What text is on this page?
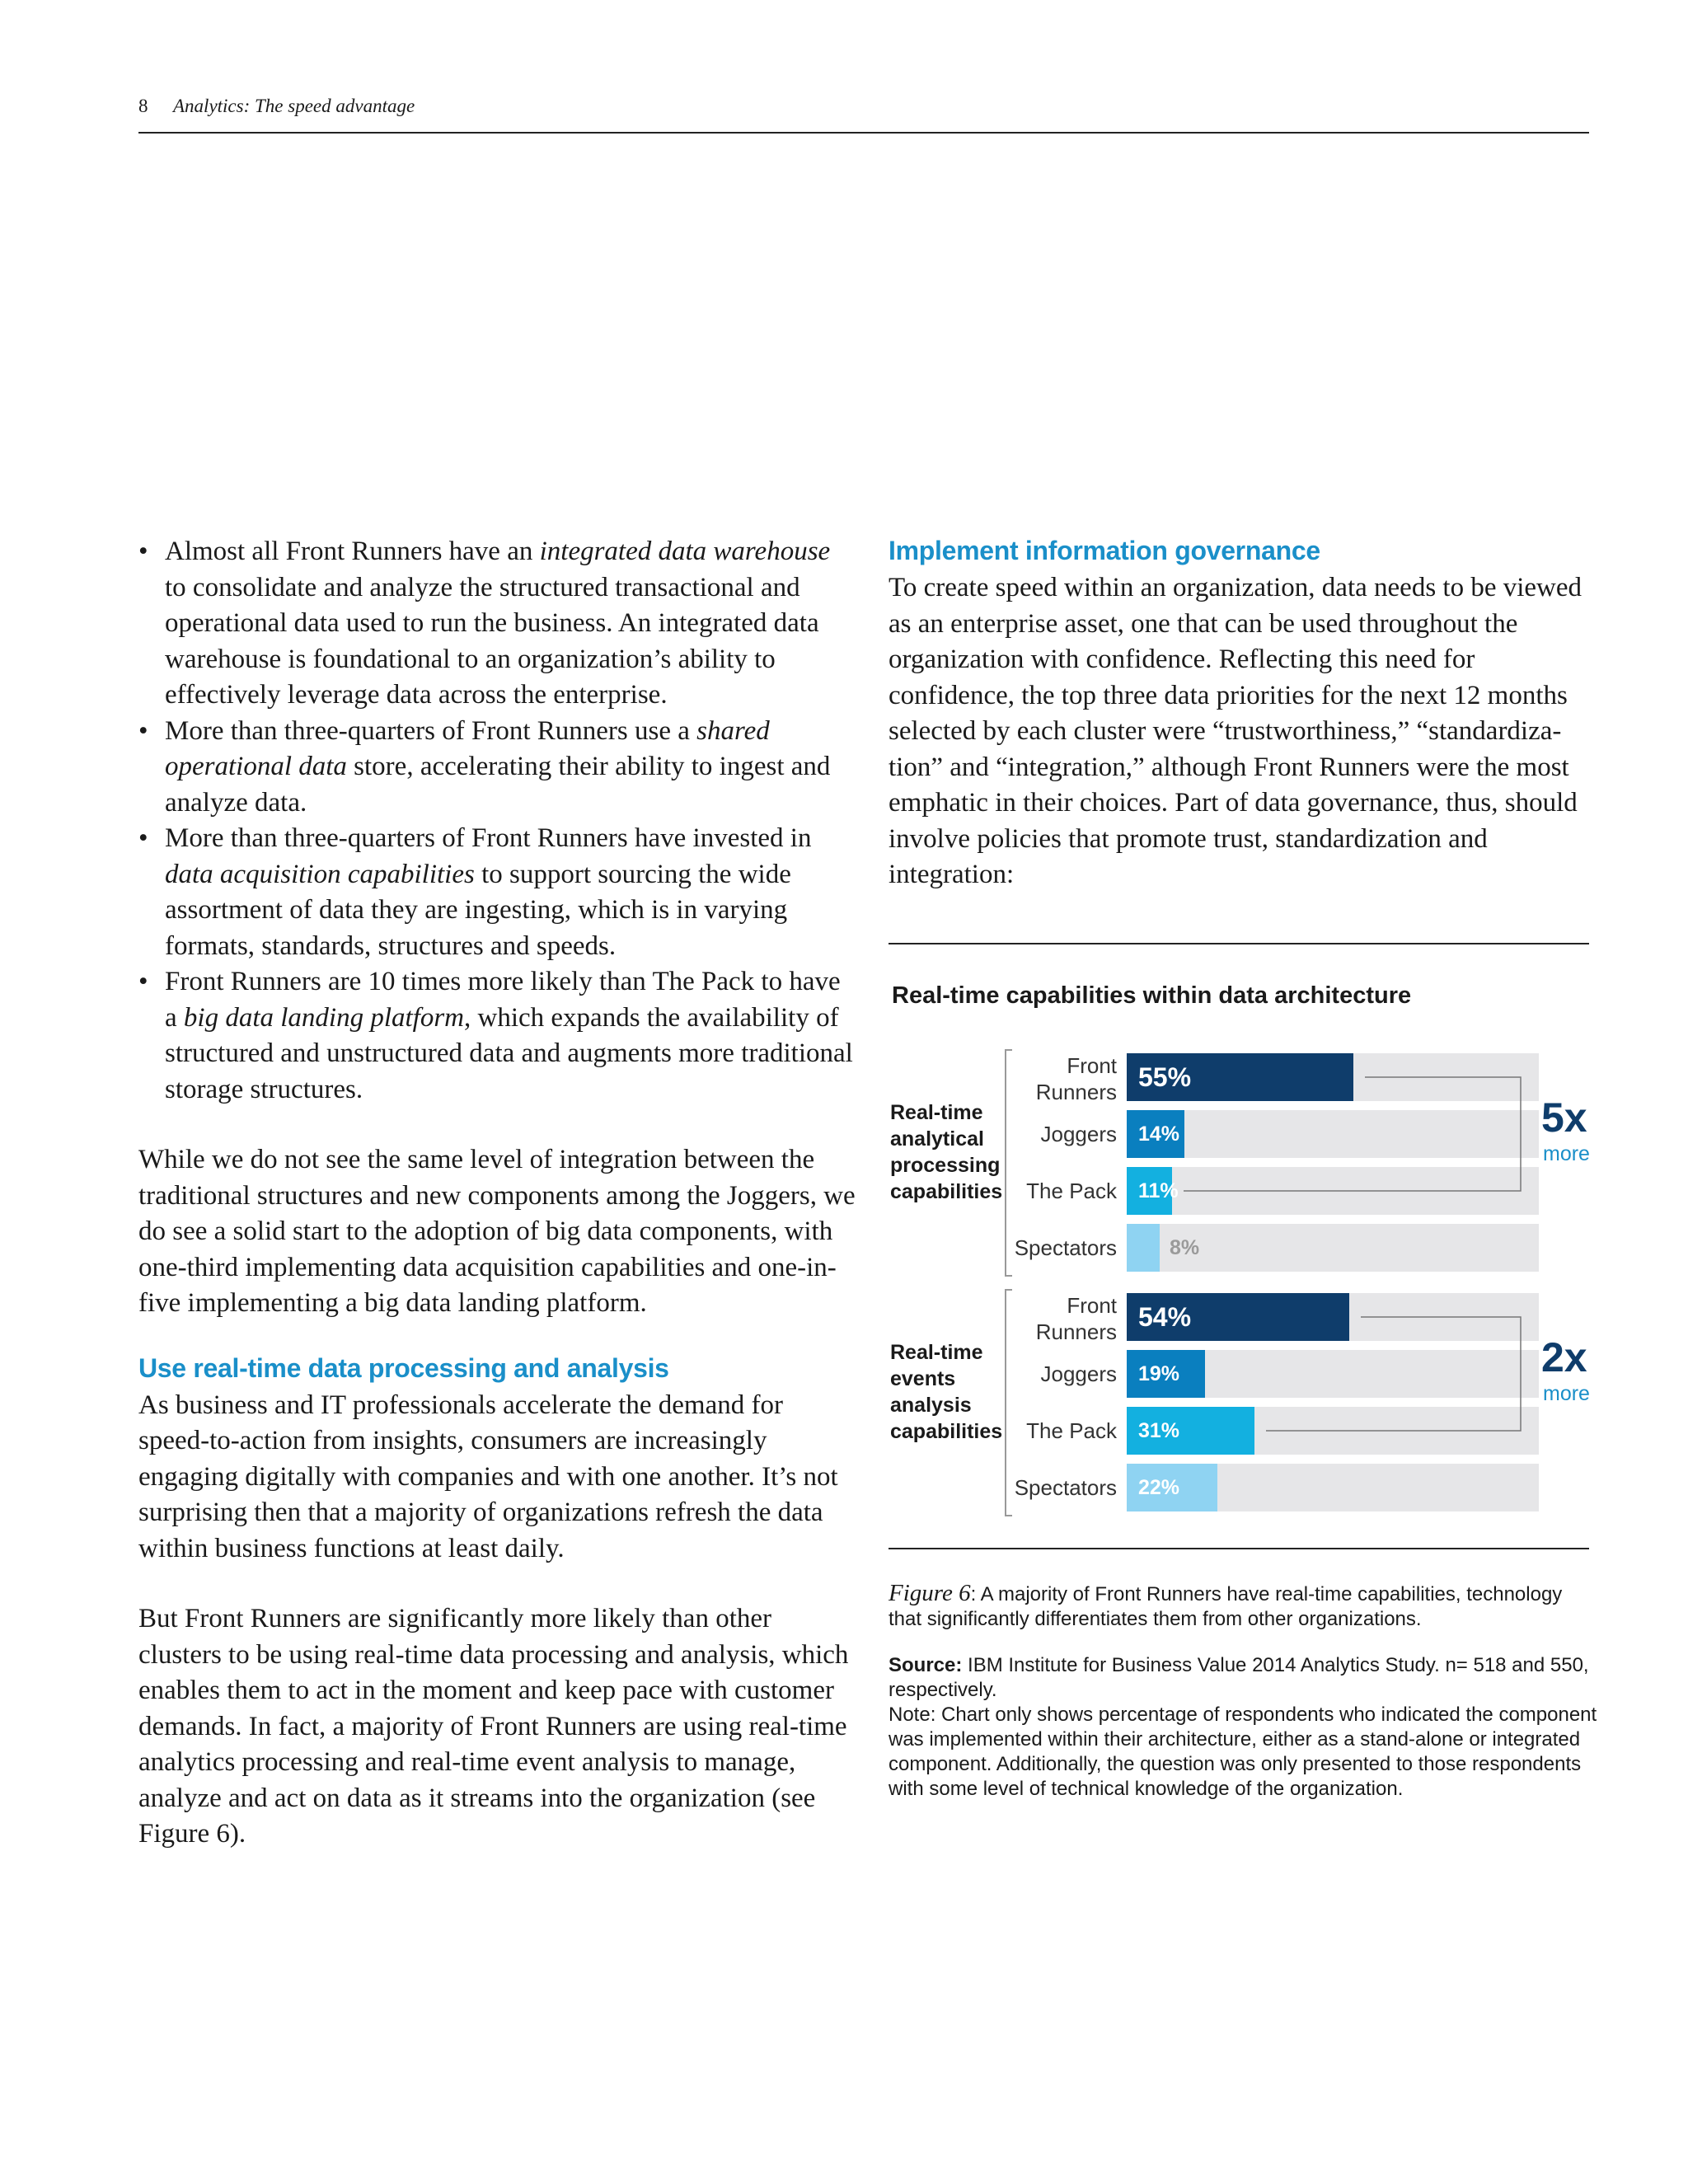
8 Analytics: The speed advantage
• Almost all Front Runners have an integrated data warehouse to consolidate and analyze the structured transactional and operational data used to run the business. An integrated data warehouse is foundational to an organization’s ability to effectively leverage data across the enterprise.
• More than three-quarters of Front Runners use a shared operational data store, accelerating their ability to ingest and analyze data.
• More than three-quarters of Front Runners have invested in data acquisition capabilities to support sourcing the wide assortment of data they are ingesting, which is in varying formats, standards, structures and speeds.
• Front Runners are 10 times more likely than The Pack to have a big data landing platform, which expands the availability of structured and unstructured data and augments more traditional storage structures.

While we do not see the same level of integration between the traditional structures and new components among the Joggers, we do see a solid start to the adoption of big data components, with one-third implementing data acquisition capabilities and one-in-five implementing a big data landing platform.

Use real-time data processing and analysis

As business and IT professionals accelerate the demand for speed-to-action from insights, consumers are increasingly engaging digitally with companies and with one another. It’s not surprising then that a majority of organizations refresh the data within business functions at least daily.

But Front Runners are significantly more likely than other clusters to be using real-time data processing and analysis, which enables them to act in the moment and keep pace with customer demands. In fact, a majority of Front Runners are using real-time analytics processing and real-time event analysis to manage, analyze and act on data as it streams into the organization (see Figure 6).

Implement information governance

To create speed within an organization, data needs to be viewed as an enterprise asset, one that can be used throughout the organization with confidence. Reflecting this need for confidence, the top three data priorities for the next 12 months selected by each cluster were “trustworthiness,” “standardiza-tion” and “integration,” although Front Runners were the most emphatic in their choices. Part of data governance, thus, should involve policies that promote trust, standardization and integration:

Real-time capabilities within data architecture
Real-time analytical processing capabilities
Front
Runners 55%
Joggers 14%
The Pack 11%
Spectators	8%
5x
more
Real-time events analysis capabilities
Front
Runners 54%
Joggers 19%
The Pack 31%
Spectators 22%
2x
more
Figure 6: A majority of Front Runners have real-time capabilities, technology that significantly differentiates them from other organizations.
Source: IBM Institute for Business Value 2014 Analytics Study. n= 518 and 550, respectively.
Note: Chart only shows percentage of respondents who indicated the component was implemented within their architecture, either as a stand-alone or integrated component. Additionally, the question was only presented to those respondents with some level of technical knowledge of the organization.
